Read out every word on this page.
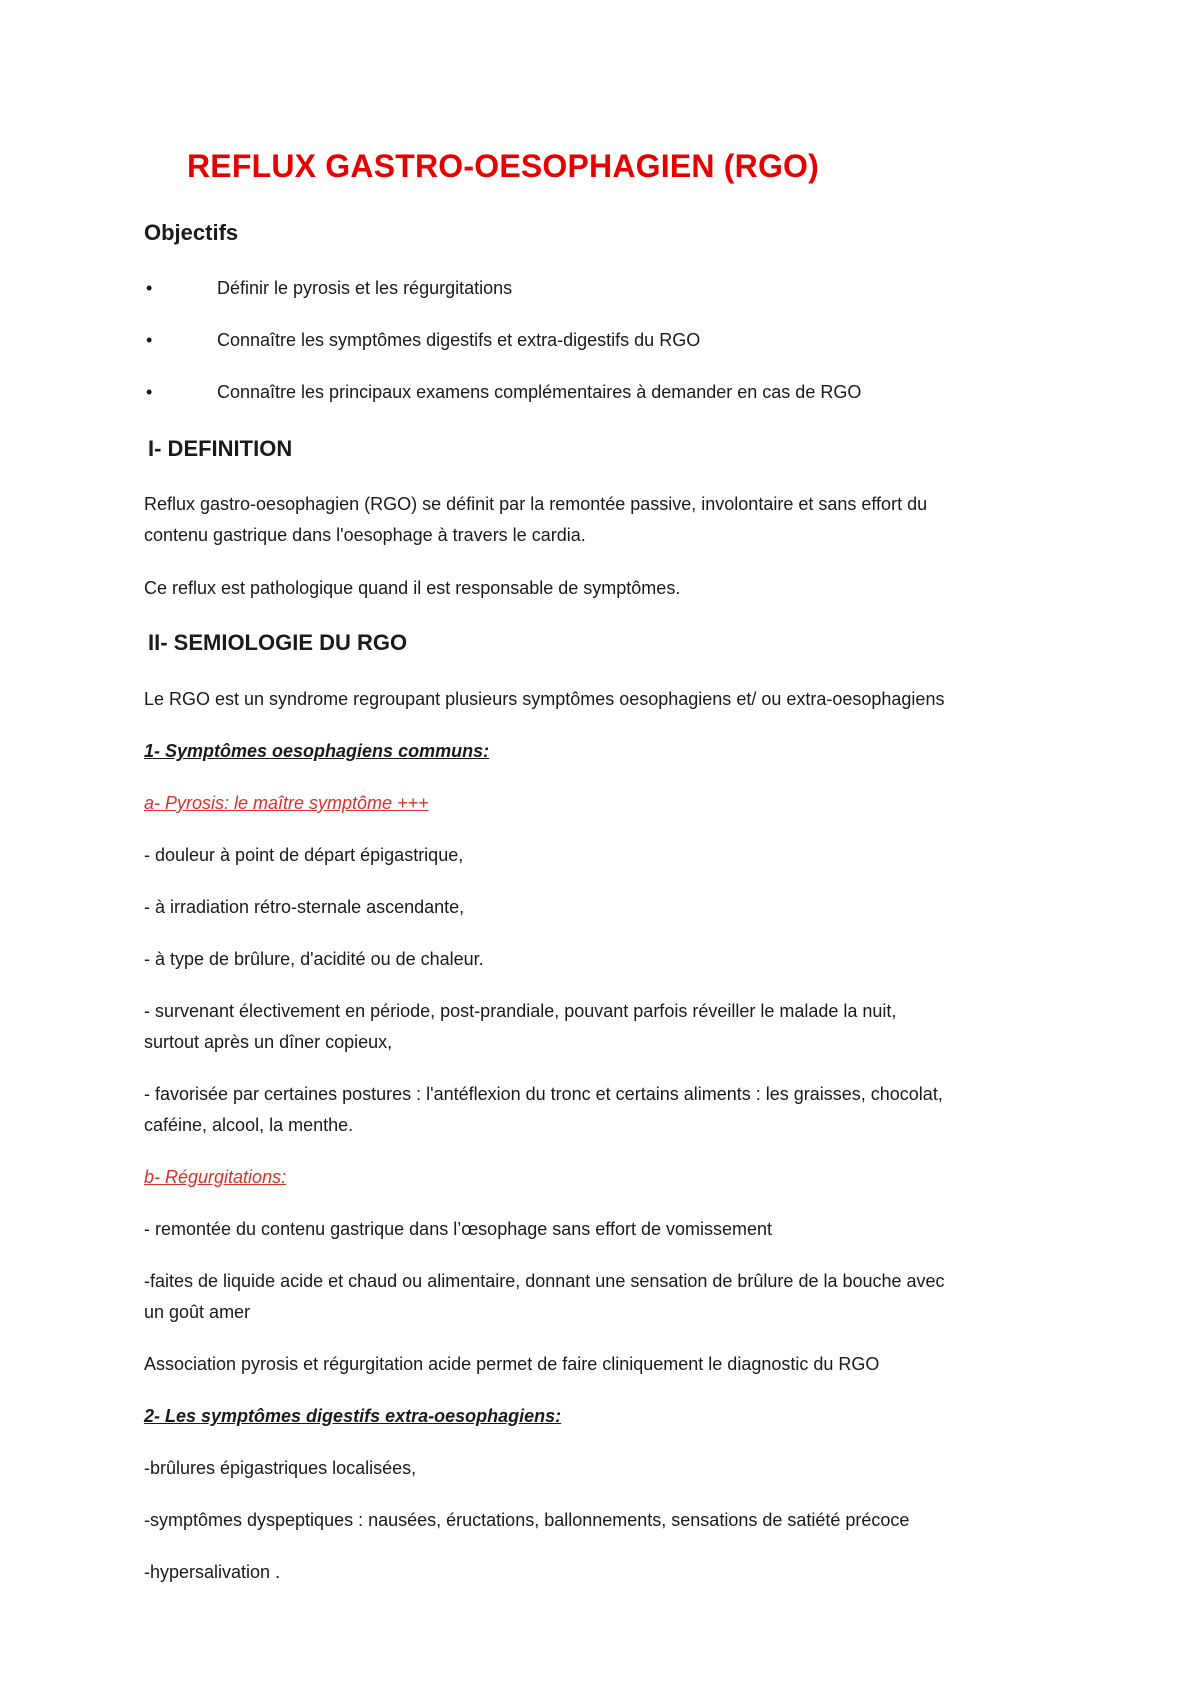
REFLUX GASTRO-OESOPHAGIEN (RGO)
Objectifs
•	Définir le pyrosis et les régurgitations
•	Connaître les symptômes digestifs et extra-digestifs du RGO
•	Connaître les principaux examens complémentaires à demander en cas de RGO
I- DEFINITION
Reflux gastro-oesophagien (RGO) se définit par la remontée passive, involontaire et sans effort du
contenu gastrique dans l'oesophage à travers le cardia.
Ce reflux est pathologique quand il est responsable de symptômes.
II- SEMIOLOGIE DU RGO
Le RGO est un syndrome regroupant plusieurs symptômes oesophagiens et/ ou extra-oesophagiens
1- Symptômes oesophagiens communs:
a- Pyrosis: le maître symptôme +++
- douleur à point de départ épigastrique,
- à irradiation rétro-sternale ascendante,
- à type de brûlure, d'acidité ou de chaleur.
- survenant électivement en période, post-prandiale, pouvant parfois réveiller le malade la nuit,
surtout après un dîner copieux,
- favorisée par certaines postures : l'antéflexion du tronc et certains aliments : les graisses, chocolat,
caféine, alcool, la menthe.
b- Régurgitations:
- remontée du contenu gastrique dans l’œsophage sans effort de vomissement
-faites de liquide acide et chaud ou alimentaire, donnant une sensation de brûlure de la bouche avec
un goût amer
Association pyrosis et régurgitation acide permet de faire cliniquement le diagnostic du RGO
2- Les symptômes digestifs extra-oesophagiens:
-brûlures épigastriques localisées,
-symptômes dyspeptiques : nausées, éructations, ballonnements, sensations de satiété précoce
-hypersalivation .
